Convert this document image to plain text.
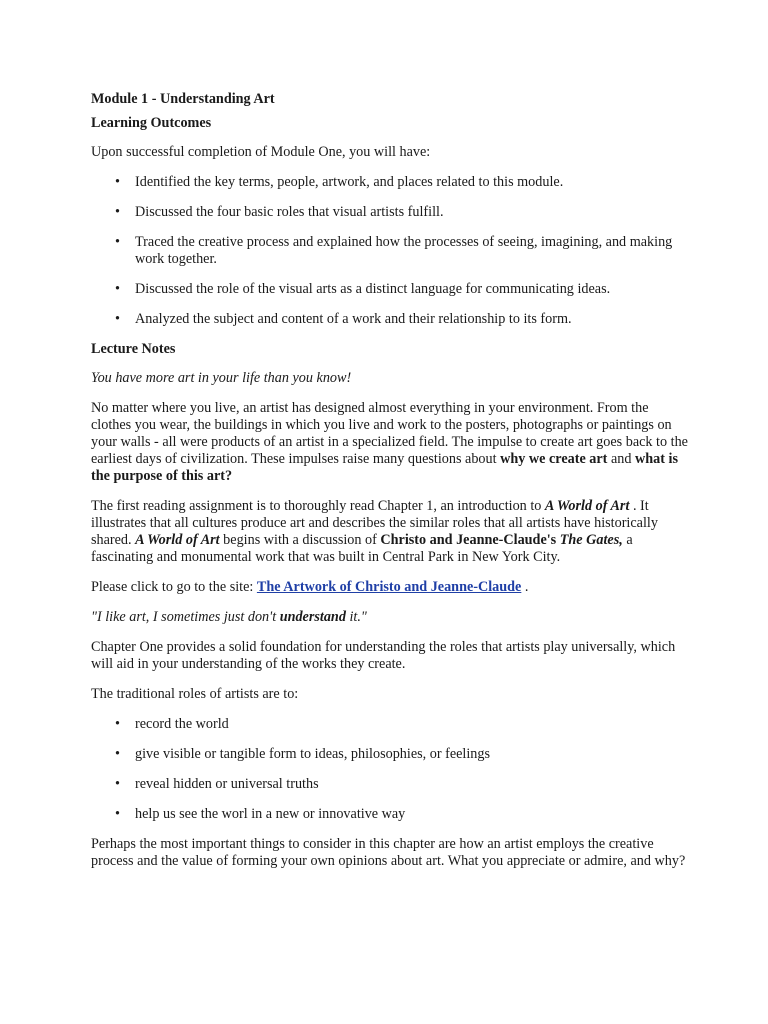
Module 1 - Understanding Art

Learning Outcomes

Upon successful completion of Module One, you will have:

• Identified the key terms, people, artwork, and places related to this module.
• Discussed the four basic roles that visual artists fulfill.
• Traced the creative process and explained how the processes of seeing, imagining, and making work together.
• Discussed the role of the visual arts as a distinct language for communicating ideas.
• Analyzed the subject and content of a work and their relationship to its form.

Lecture Notes

You have more art in your life than you know!

No matter where you live, an artist has designed almost everything in your environment. From the clothes you wear, the buildings in which you live and work to the posters, photographs or paintings on your walls - all were products of an artist in a specialized field. The impulse to create art goes back to the earliest days of civilization. These impulses raise many questions about why we create art and what is the purpose of this art?

The first reading assignment is to thoroughly read Chapter 1, an introduction to A World of Art . It illustrates that all cultures produce art and describes the similar roles that all artists have historically shared. A World of Art begins with a discussion of Christo and Jeanne-Claude's The Gates, a fascinating and monumental work that was built in Central Park in New York City.

Please click to go to the site: The Artwork of Christo and Jeanne-Claude .

"I like art, I sometimes just don't understand it."

Chapter One provides a solid foundation for understanding the roles that artists play universally, which will aid in your understanding of the works they create.

The traditional roles of artists are to:

• record the world
• give visible or tangible form to ideas, philosophies, or feelings
• reveal hidden or universal truths
• help us see the worl in a new or innovative way

Perhaps the most important things to consider in this chapter are how an artist employs the creative process and the value of forming your own opinions about art. What you appreciate or admire, and why?
